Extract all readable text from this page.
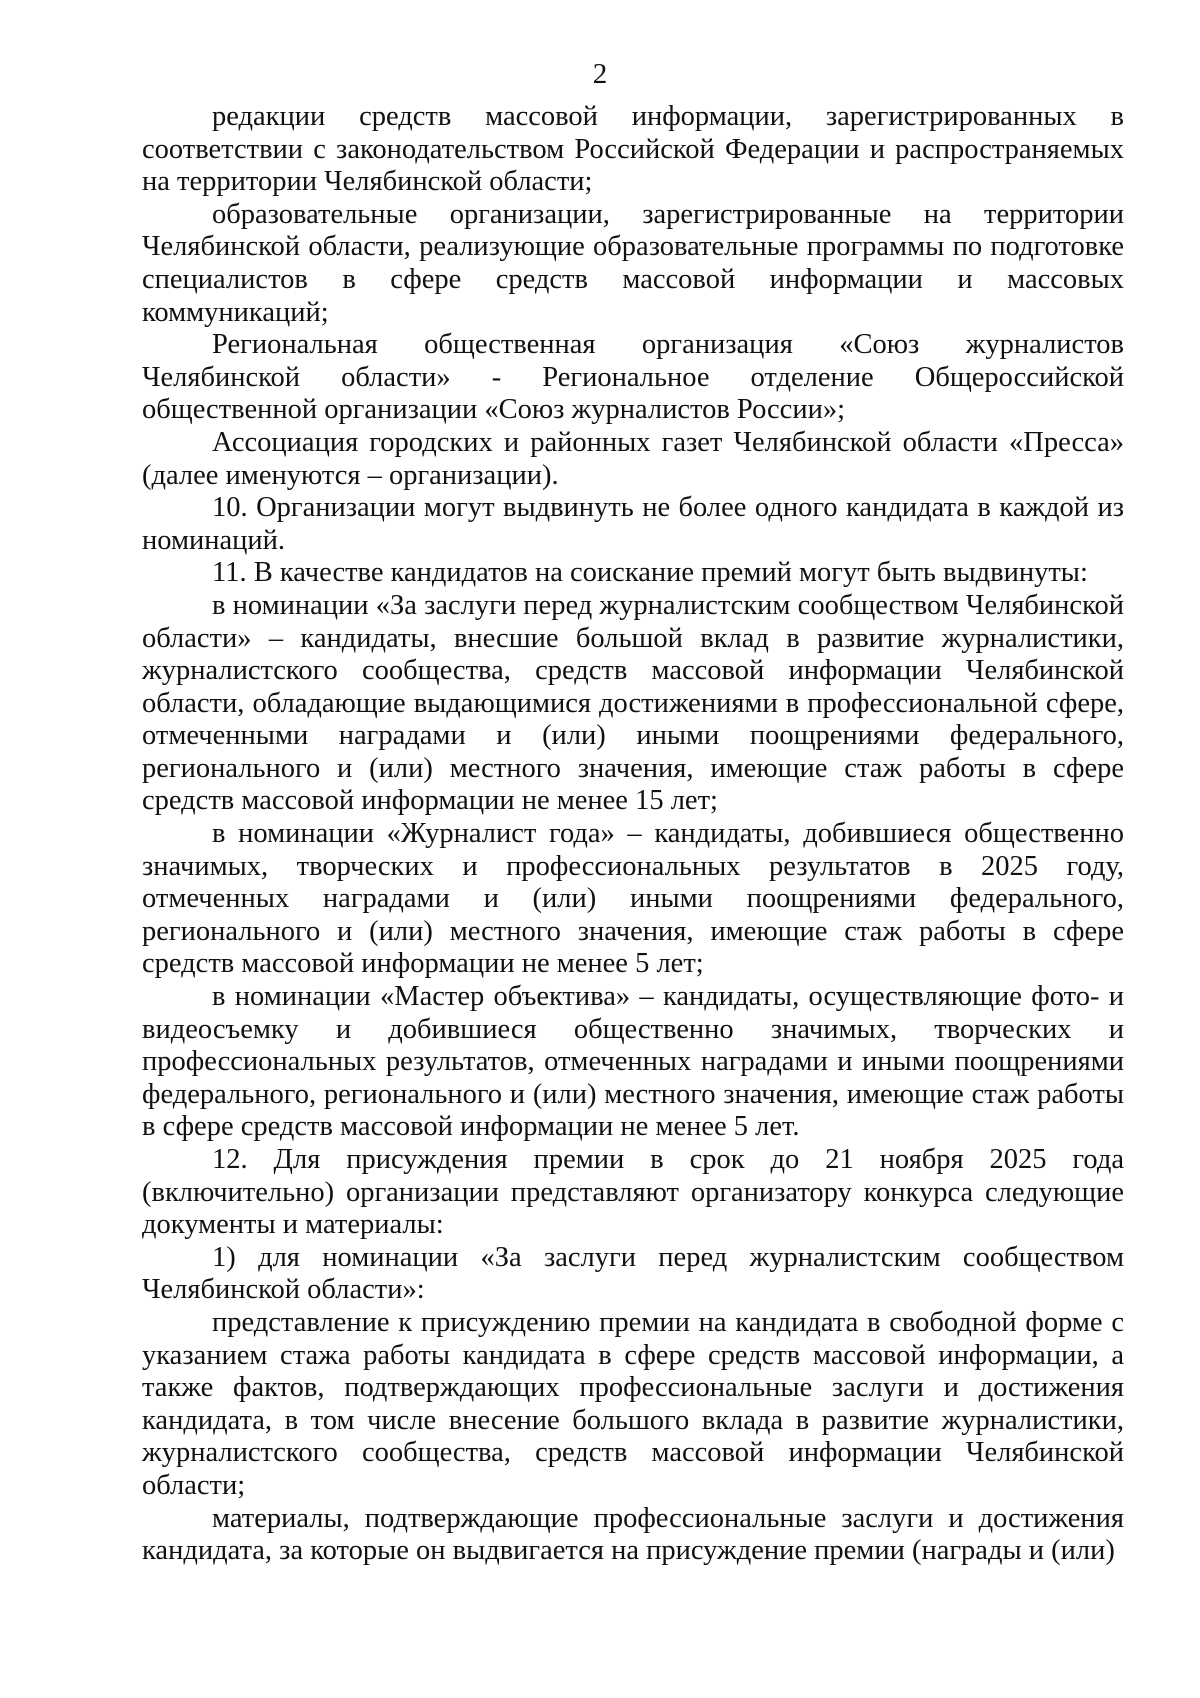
2

редакции средств массовой информации, зарегистрированных в соответствии с законодательством Российской Федерации и распространяемых на территории Челябинской области;

образовательные организации, зарегистрированные на территории Челябинской области, реализующие образовательные программы по подготовке специалистов в сфере средств массовой информации и массовых коммуникаций;

Региональная общественная организация «Союз журналистов Челябинской области» - Региональное отделение Общероссийской общественной организации «Союз журналистов России»;

Ассоциация городских и районных газет Челябинской области «Пресса» (далее именуются – организации).

10. Организации могут выдвинуть не более одного кандидата в каждой из номинаций.

11. В качестве кандидатов на соискание премий могут быть выдвинуты:

в номинации «За заслуги перед журналистским сообществом Челябинской области» – кандидаты, внесшие большой вклад в развитие журналистики, журналистского сообщества, средств массовой информации Челябинской области, обладающие выдающимися достижениями в профессиональной сфере, отмеченными наградами и (или) иными поощрениями федерального, регионального и (или) местного значения, имеющие стаж работы в сфере средств массовой информации не менее 15 лет;

в номинации «Журналист года» – кандидаты, добившиеся общественно значимых, творческих и профессиональных результатов в 2025 году, отмеченных наградами и (или) иными поощрениями федерального, регионального и (или) местного значения, имеющие стаж работы в сфере средств массовой информации не менее 5 лет;

в номинации «Мастер объектива» – кандидаты, осуществляющие фото- и видеосъемку и добившиеся общественно значимых, творческих и профессиональных результатов, отмеченных наградами и иными поощрениями федерального, регионального и (или) местного значения, имеющие стаж работы в сфере средств массовой информации не менее 5 лет.

12. Для присуждения премии в срок до 21 ноября 2025 года (включительно) организации представляют организатору конкурса следующие документы и материалы:

1) для номинации «За заслуги перед журналистским сообществом Челябинской области»:

представление к присуждению премии на кандидата в свободной форме с указанием стажа работы кандидата в сфере средств массовой информации, а также фактов, подтверждающих профессиональные заслуги и достижения кандидата, в том числе внесение большого вклада в развитие журналистики, журналистского сообщества, средств массовой информации Челябинской области;

материалы, подтверждающие профессиональные заслуги и достижения кандидата, за которые он выдвигается на присуждение премии (награды и (или)
